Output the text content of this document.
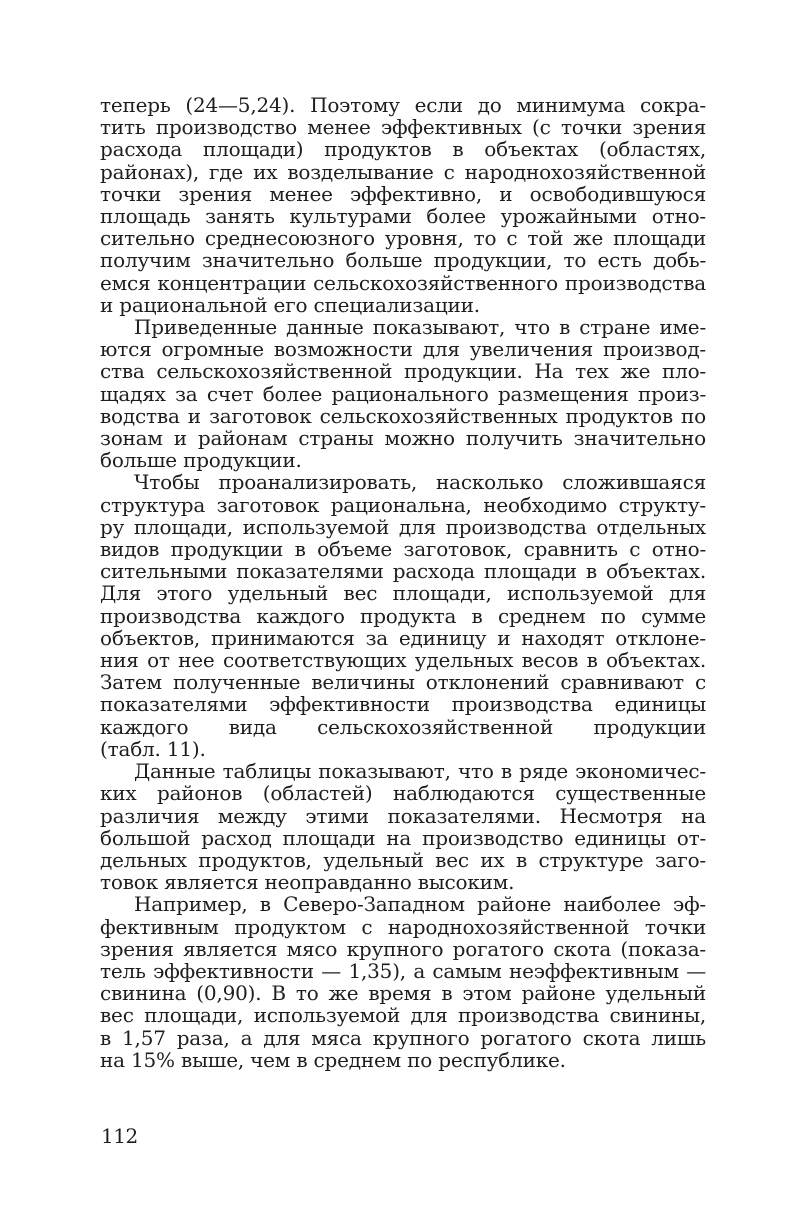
теперь (24—5,24). Поэтому если до минимума сокра-
тить производство менее эффективных (с точки зрения
расхода площади) продуктов в объектах (областях,
районах), где их возделывание с народнохозяйственной
точки зрения менее эффективно, и освободившуюся
площадь занять культурами более урожайными отно-
сительно среднесоюзного уровня, то с той же площади
получим значительно больше продукции, то есть добь-
емся концентрации сельскохозяйственного производства
и рациональной его специализации.
Приведенные данные показывают, что в стране име-
ются огромные возможности для увеличения производ-
ства сельскохозяйственной продукции. На тех же пло-
щадях за счет более рационального размещения произ-
водства и заготовок сельскохозяйственных продуктов по
зонам и районам страны можно получить значительно
больше продукции.
Чтобы проанализировать, насколько сложившаяся
структура заготовок рациональна, необходимо структу-
ру площади, используемой для производства отдельных
видов продукции в объеме заготовок, сравнить с отно-
сительными показателями расхода площади в объектах.
Для этого удельный вес площади, используемой для
производства каждого продукта в среднем по сумме
объектов, принимаются за единицу и находят отклоне-
ния от нее соответствующих удельных весов в объектах.
Затем полученные величины отклонений сравнивают с
показателями эффективности производства единицы
каждого вида сельскохозяйственной продукции
(табл. 11).
Данные таблицы показывают, что в ряде экономичес-
ких районов (областей) наблюдаются существенные
различия между этими показателями. Несмотря на
большой расход площади на производство единицы от-
дельных продуктов, удельный вес их в структуре заго-
товок является неоправданно высоким.
Например, в Северо-Западном районе наиболее эф-
фективным продуктом с народнохозяйственной точки
зрения является мясо крупного рогатого скота (показа-
тель эффективности — 1,35), а самым неэффективным —
свинина (0,90). В то же время в этом районе удельный
вес площади, используемой для производства свинины,
в 1,57 раза, а для мяса крупного рогатого скота лишь
на 15% выше, чем в среднем по республике.
112
